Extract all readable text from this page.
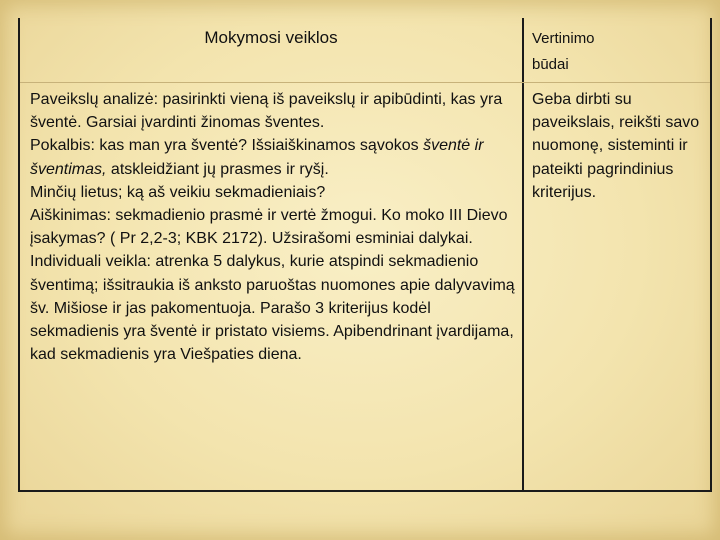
Mokymosi veiklos	Vertinimo
būdai

Paveikslų analizė: pasirinkti vieną iš paveikslų ir apibūdinti, kas yra šventė. Garsiai įvardinti žinomas šventes.

Pokalbis: kas man yra šventė? Išsiaiškinamos sąvokos šventė ir šventimas, atskleidžiant jų prasmes ir ryšį.

Minčių lietus; ką aš veikiu sekmadieniais?

Aiškinimas: sekmadienio prasmė ir vertė žmogui. Ko moko III Dievo įsakymas? ( Pr 2,2-3; KBK 2172). Užsirašomi esminiai dalykai.

Individuali veikla: atrenka 5 dalykus, kurie atspindi sekmadienio šventimą; išsitraukia iš anksto paruoštas nuomones apie dalyvavimą šv. Mišiose ir jas pakomentuoja. Parašo 3 kriterijus kodėl sekmadienis yra šventė ir pristato visiems. Apibendrinant įvardijama, kad sekmadienis yra Viešpaties diena.

Geba dirbti su paveikslais, reikšti savo nuomonę, sisteminti ir pateikti pagrindinius kriterijus.
